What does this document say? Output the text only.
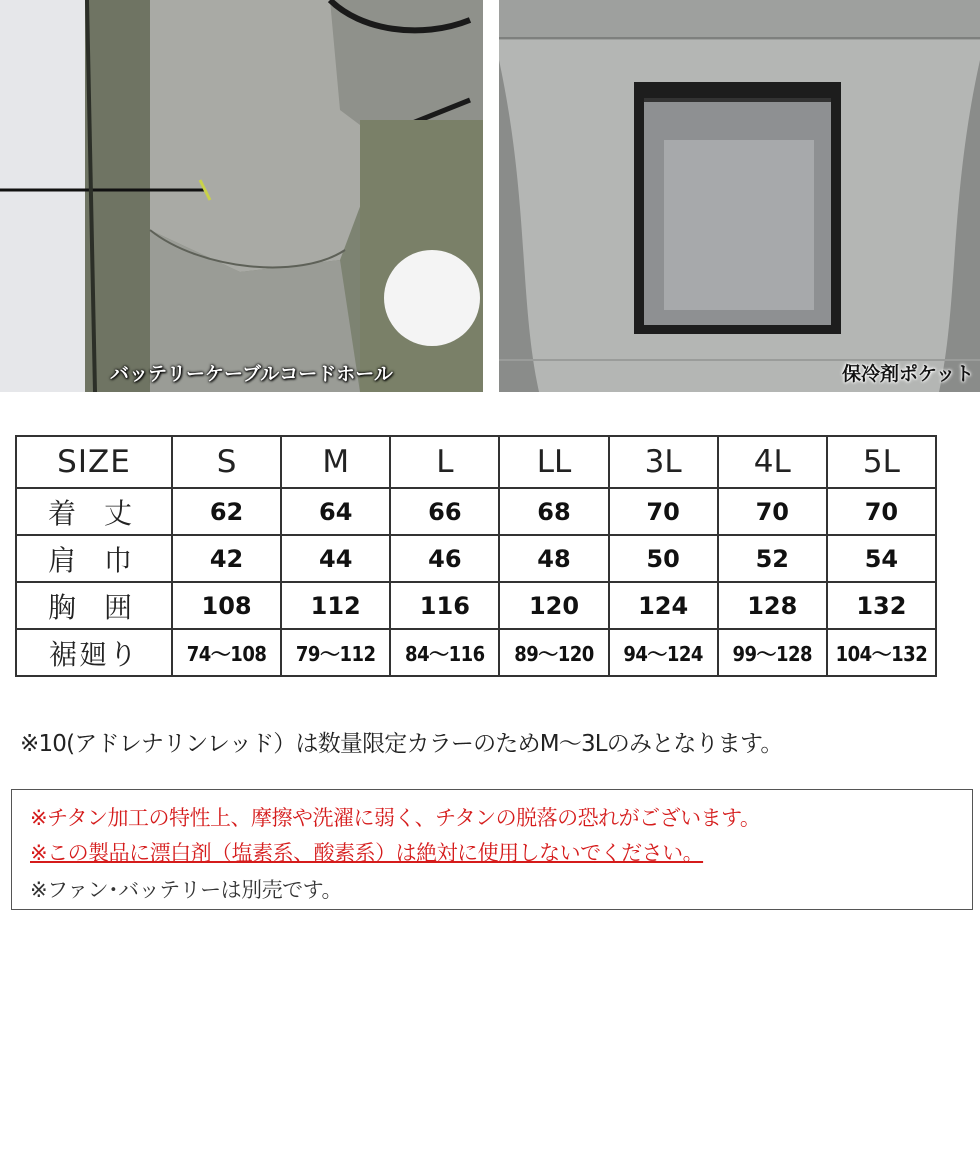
バッテリーケーブルコードホール	保冷剤ポケット
SIZE	S	M	L	LL	3L	4L	5L
着丈	62	64	66	68	70	70	70
肩巾	42	44	46	48	50	52	54
胸囲	108	112	116	120	124	128	132
裾廻り	74～108	79～112	84～116	89～120	94～124	99～128	104～132
※10(アドレナリンレッド）は数量限定カラーのためM～3Lのみとなります。
※チタン加工の特性上、摩擦や洗濯に弱く、チタンの脱落の恐れがございます。
※この製品に漂白剤（塩素系、酸素系）は絶対に使用しないでください。
※ファン･バッテリーは別売です。
